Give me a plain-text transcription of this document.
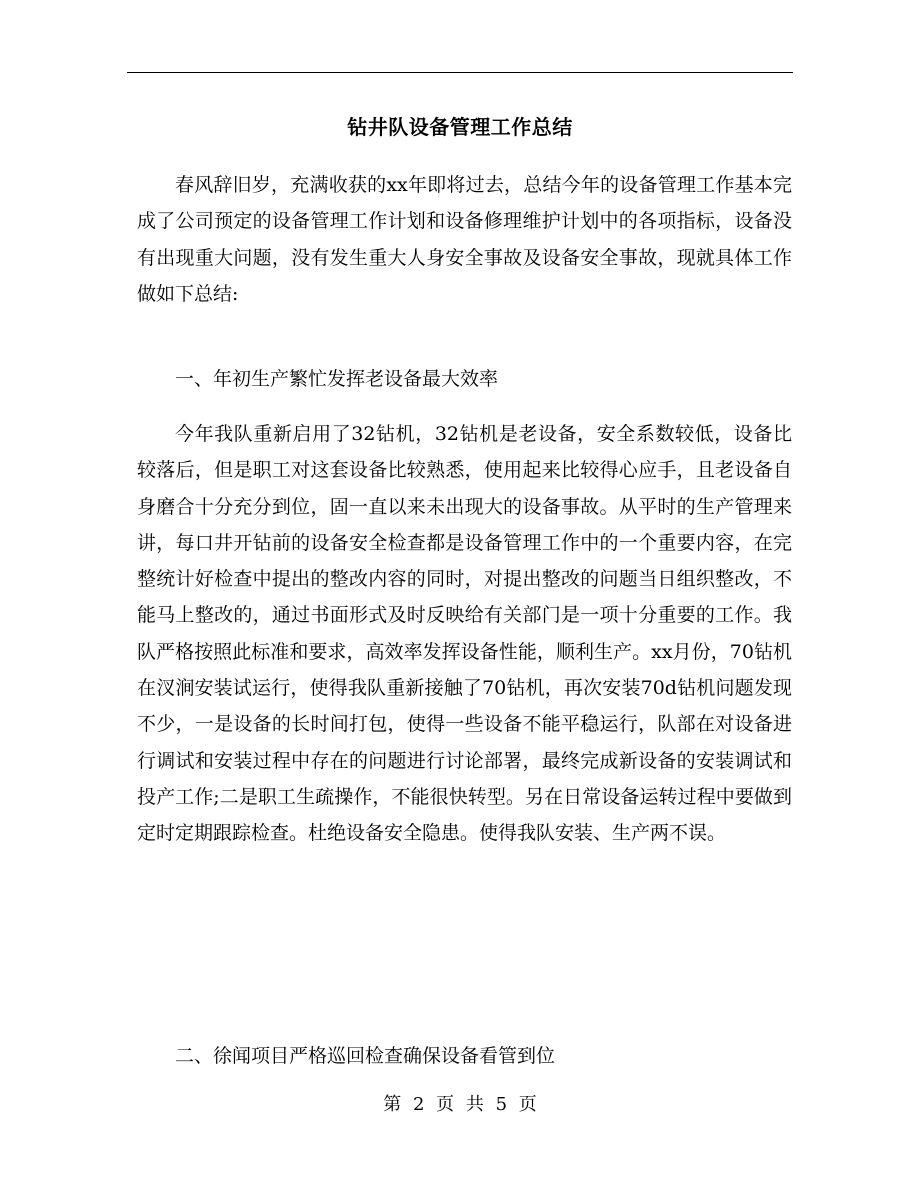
钻井队设备管理工作总结

春风辞旧岁，充满收获的xx年即将过去，总结今年的设备管理工作基本完成了公司预定的设备管理工作计划和设备修理维护计划中的各项指标，设备没有出现重大问题，没有发生重大人身安全事故及设备安全事故，现就具体工作做如下总结:

一、年初生产繁忙发挥老设备最大效率

今年我队重新启用了32钻机，32钻机是老设备，安全系数较低，设备比较落后，但是职工对这套设备比较熟悉，使用起来比较得心应手，且老设备自身磨合十分充分到位，固一直以来未出现大的设备事故。从平时的生产管理来讲，每口井开钻前的设备安全检查都是设备管理工作中的一个重要内容，在完整统计好检查中提出的整改内容的同时，对提出整改的问题当日组织整改，不能马上整改的，通过书面形式及时反映给有关部门是一项十分重要的工作。我队严格按照此标准和要求，高效率发挥设备性能，顺利生产。xx月份，70钻机在汊涧安装试运行，使得我队重新接触了70钻机，再次安装70d钻机问题发现不少，一是设备的长时间打包，使得一些设备不能平稳运行，队部在对设备进行调试和安装过程中存在的问题进行讨论部署，最终完成新设备的安装调试和投产工作;二是职工生疏操作，不能很快转型。另在日常设备运转过程中要做到定时定期跟踪检查。杜绝设备安全隐患。使得我队安装、生产两不误。

二、徐闻项目严格巡回检查确保设备看管到位

第 2 页 共 5 页
